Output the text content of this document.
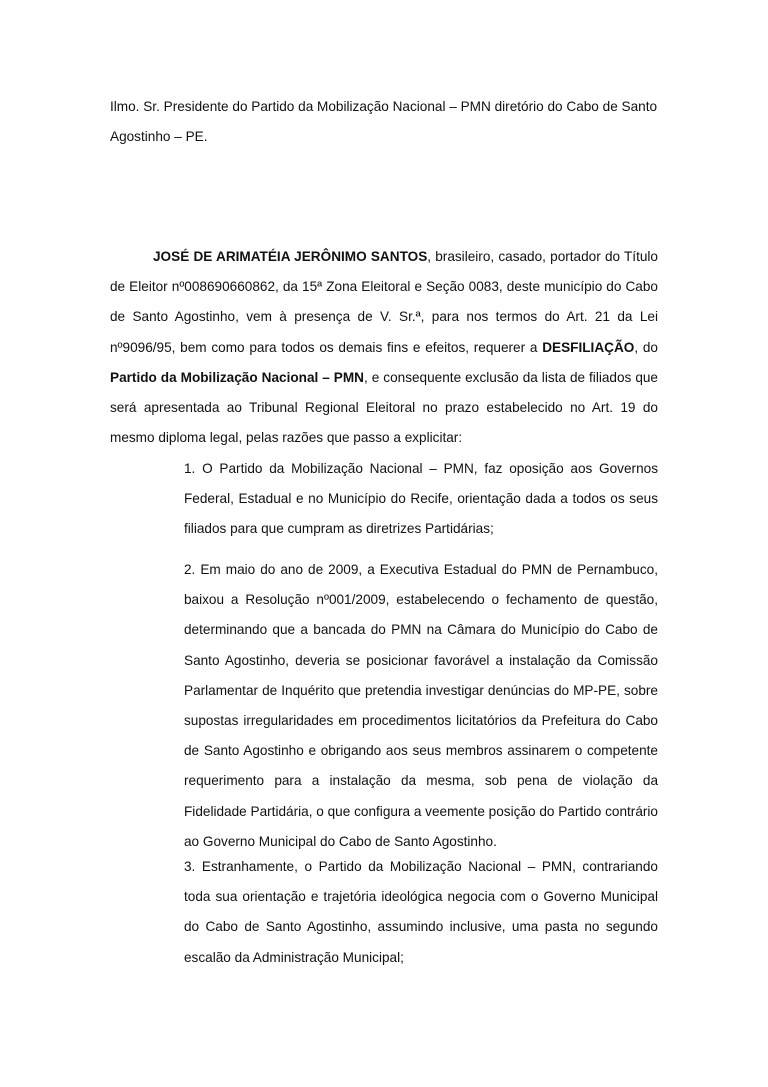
Ilmo. Sr. Presidente do Partido da Mobilização Nacional – PMN diretório do Cabo de Santo Agostinho – PE.

JOSÉ DE ARIMATÉIA JERÔNIMO SANTOS, brasileiro, casado, portador do Título de Eleitor nº008690660862, da 15ª Zona Eleitoral e Seção 0083, deste município do Cabo de Santo Agostinho, vem à presença de V. Sr.ª, para nos termos do Art. 21 da Lei nº9096/95, bem como para todos os demais fins e efeitos, requerer a DESFILIAÇÃO, do Partido da Mobilização Nacional – PMN, e consequente exclusão da lista de filiados que será apresentada ao Tribunal Regional Eleitoral no prazo estabelecido no Art. 19 do mesmo diploma legal, pelas razões que passo a explicitar:

1. O Partido da Mobilização Nacional – PMN, faz oposição aos Governos Federal, Estadual e no Município do Recife, orientação dada a todos os seus filiados para que cumpram as diretrizes Partidárias;

2. Em maio do ano de 2009, a Executiva Estadual do PMN de Pernambuco, baixou a Resolução nº001/2009, estabelecendo o fechamento de questão, determinando que a bancada do PMN na Câmara do Município do Cabo de Santo Agostinho, deveria se posicionar favorável a instalação da Comissão Parlamentar de Inquérito que pretendia investigar denúncias do MP-PE, sobre supostas irregularidades em procedimentos licitatórios da Prefeitura do Cabo de Santo Agostinho e obrigando aos seus membros assinarem o competente requerimento para a instalação da mesma, sob pena de violação da Fidelidade Partidária, o que configura a veemente posição do Partido contrário ao Governo Municipal do Cabo de Santo Agostinho.

3. Estranhamente, o Partido da Mobilização Nacional – PMN, contrariando toda sua orientação e trajetória ideológica negocia com o Governo Municipal do Cabo de Santo Agostinho, assumindo inclusive, uma pasta no segundo escalão da Administração Municipal;
